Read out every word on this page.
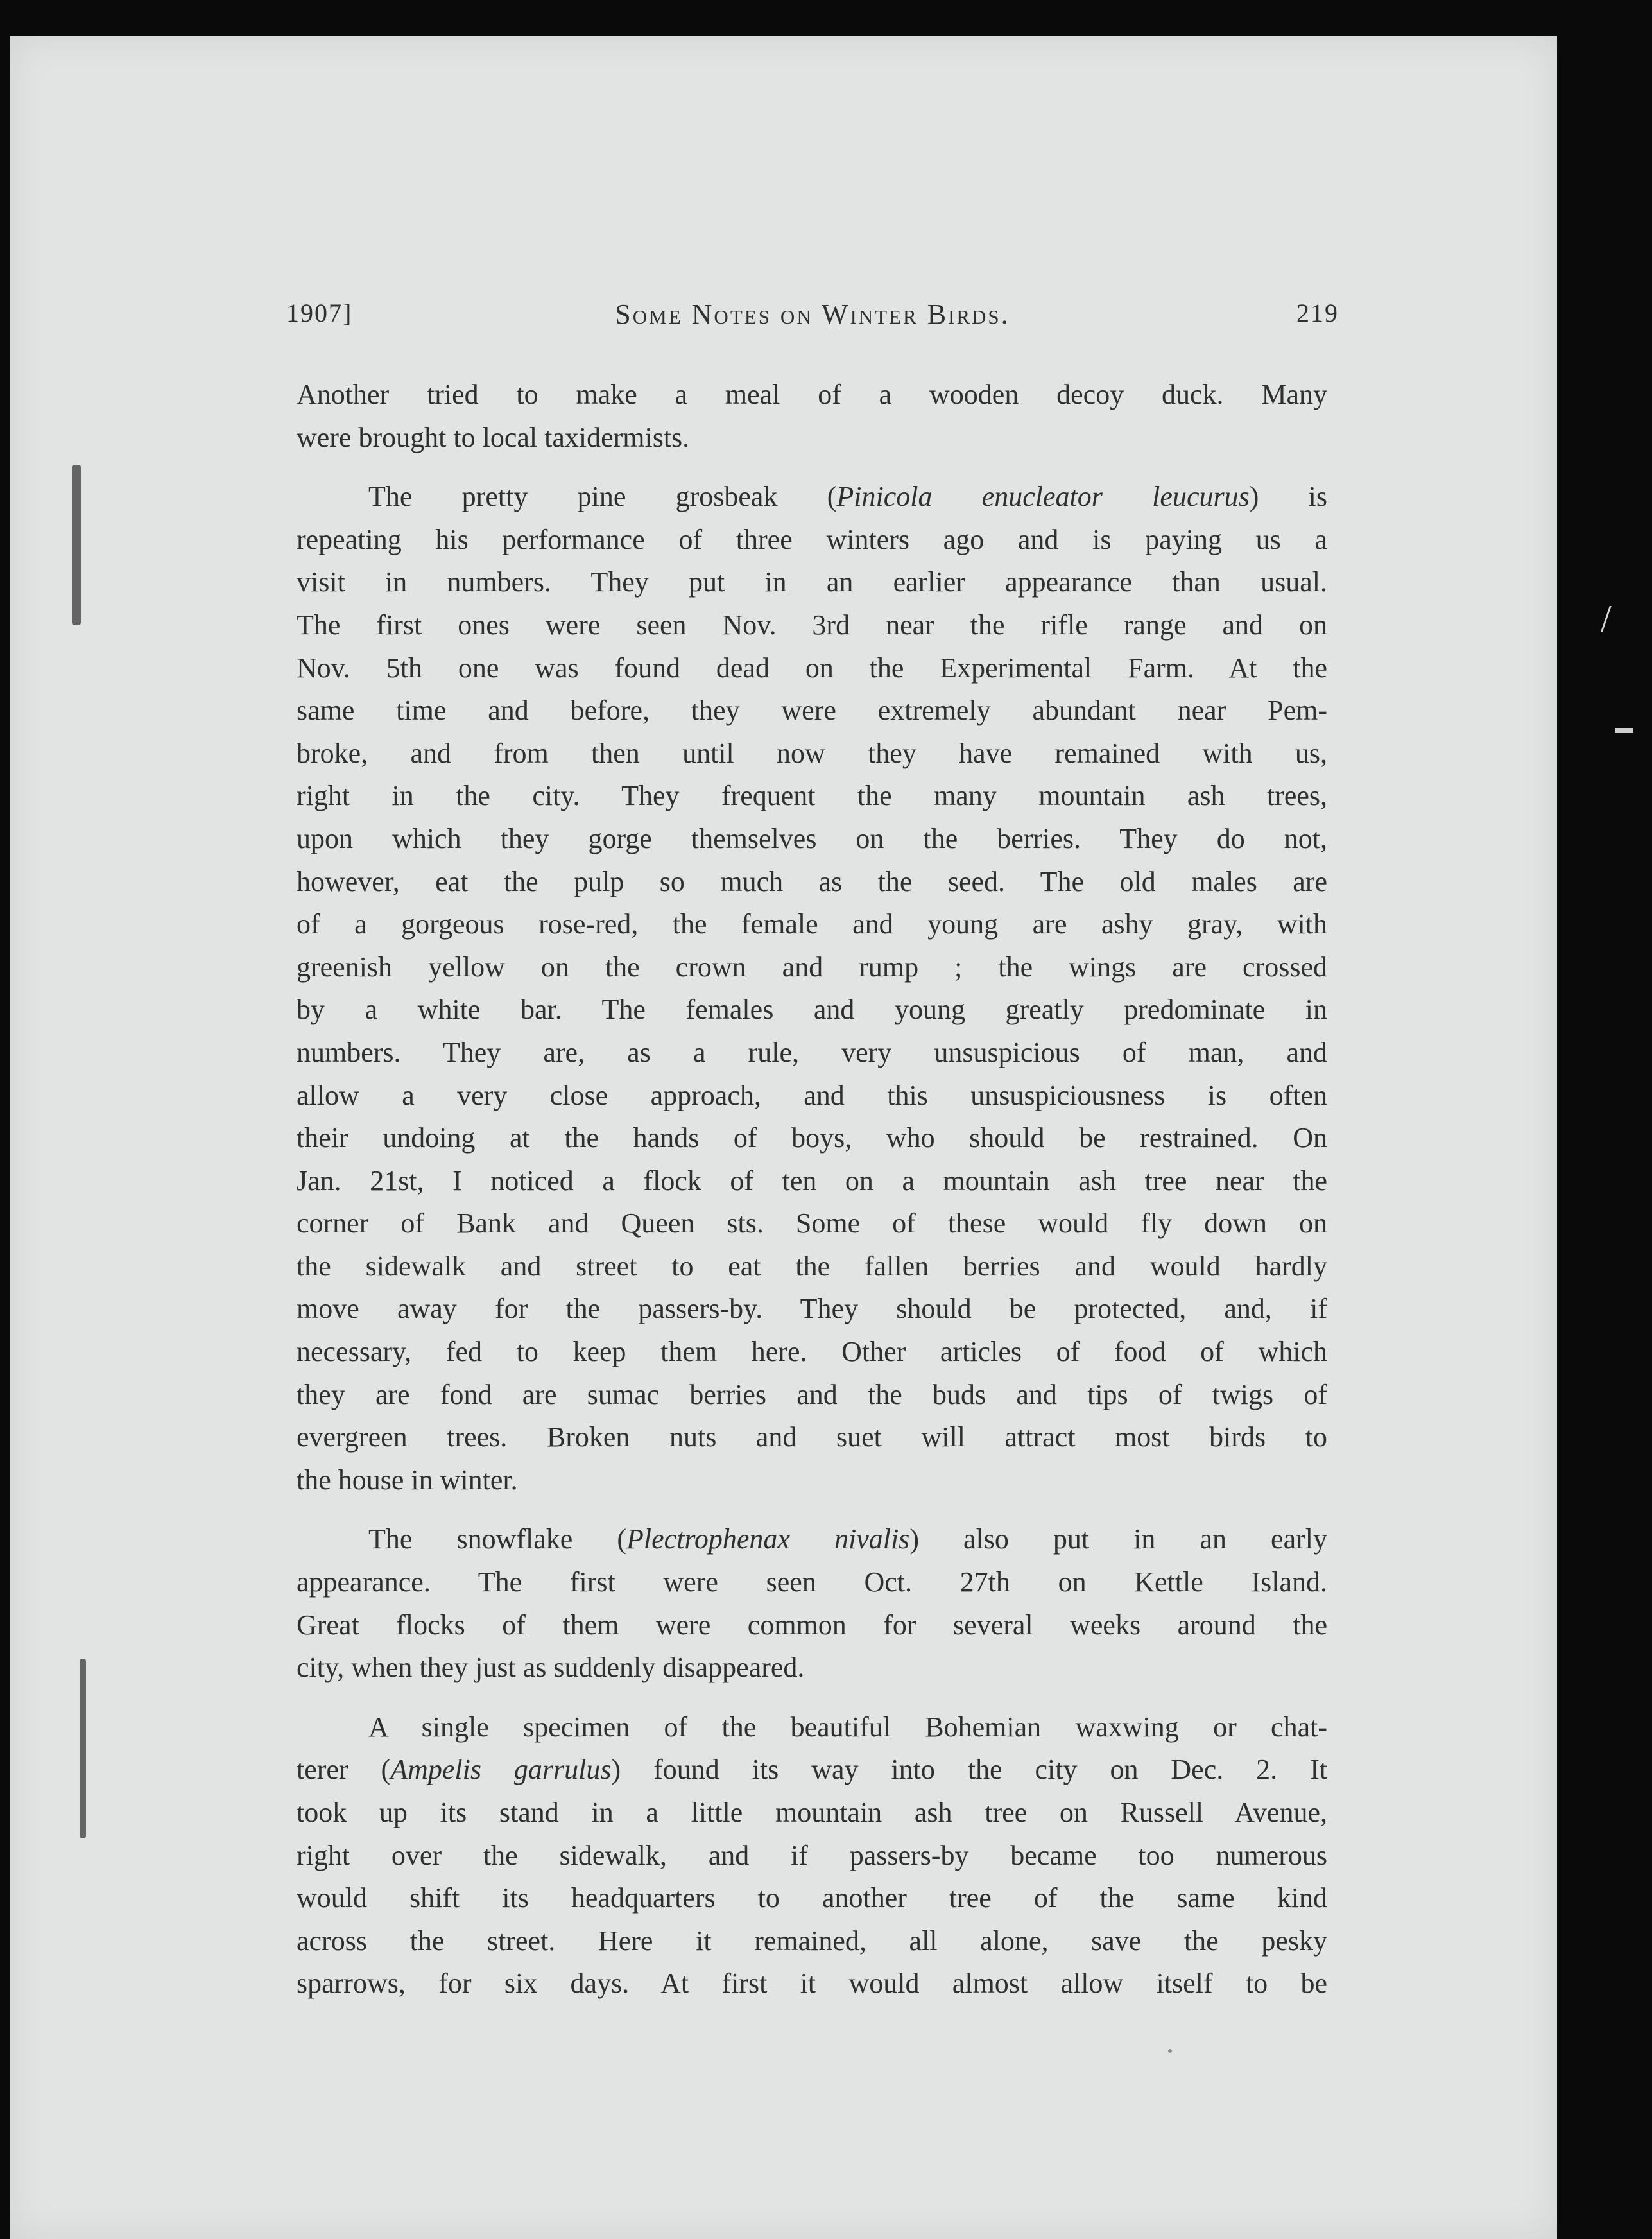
1907]	Some Notes on Winter Birds.	219
Another tried to make a meal of a wooden decoy duck. Many
were brought to local taxidermists.
The pretty pine grosbeak (Pinicola enucleator leucurus) is
repeating his performance of three winters ago and is paying us a
visit in numbers. They put in an earlier appearance than usual.
The first ones were seen Nov. 3rd near the rifle range and on
Nov. 5th one was found dead on the Experimental Farm. At the
same time and before, they were extremely abundant near Pem-
broke, and from then until now they have remained with us,
right in the city. They frequent the many mountain ash trees,
upon which they gorge themselves on the berries. They do not,
however, eat the pulp so much as the seed. The old males are
of a gorgeous rose-red, the female and young are ashy gray, with
greenish yellow on the crown and rump ; the wings are crossed
by a white bar. The females and young greatly predominate in
numbers. They are, as a rule, very unsuspicious of man, and
allow a very close approach, and this unsuspiciousness is often
their undoing at the hands of boys, who should be restrained. On
Jan. 21st, I noticed a flock of ten on a mountain ash tree near the
corner of Bank and Queen sts. Some of these would fly down on
the sidewalk and street to eat the fallen berries and would hardly
move away for the passers-by. They should be protected, and, if
necessary, fed to keep them here. Other articles of food of which
they are fond are sumac berries and the buds and tips of twigs of
evergreen trees. Broken nuts and suet will attract most birds to
the house in winter.
The snowflake (Plectrophenax nivalis) also put in an early
appearance. The first were seen Oct. 27th on Kettle Island.
Great flocks of them were common for several weeks around the
city, when they just as suddenly disappeared.
A single specimen of the beautiful Bohemian waxwing or chat-
terer (Ampelis garrulus) found its way into the city on Dec. 2. It
took up its stand in a little mountain ash tree on Russell Avenue,
right over the sidewalk, and if passers-by became too numerous
would shift its headquarters to another tree of the same kind
across the street. Here it remained, all alone, save the pesky
sparrows, for six days. At first it would almost allow itself to be
/
